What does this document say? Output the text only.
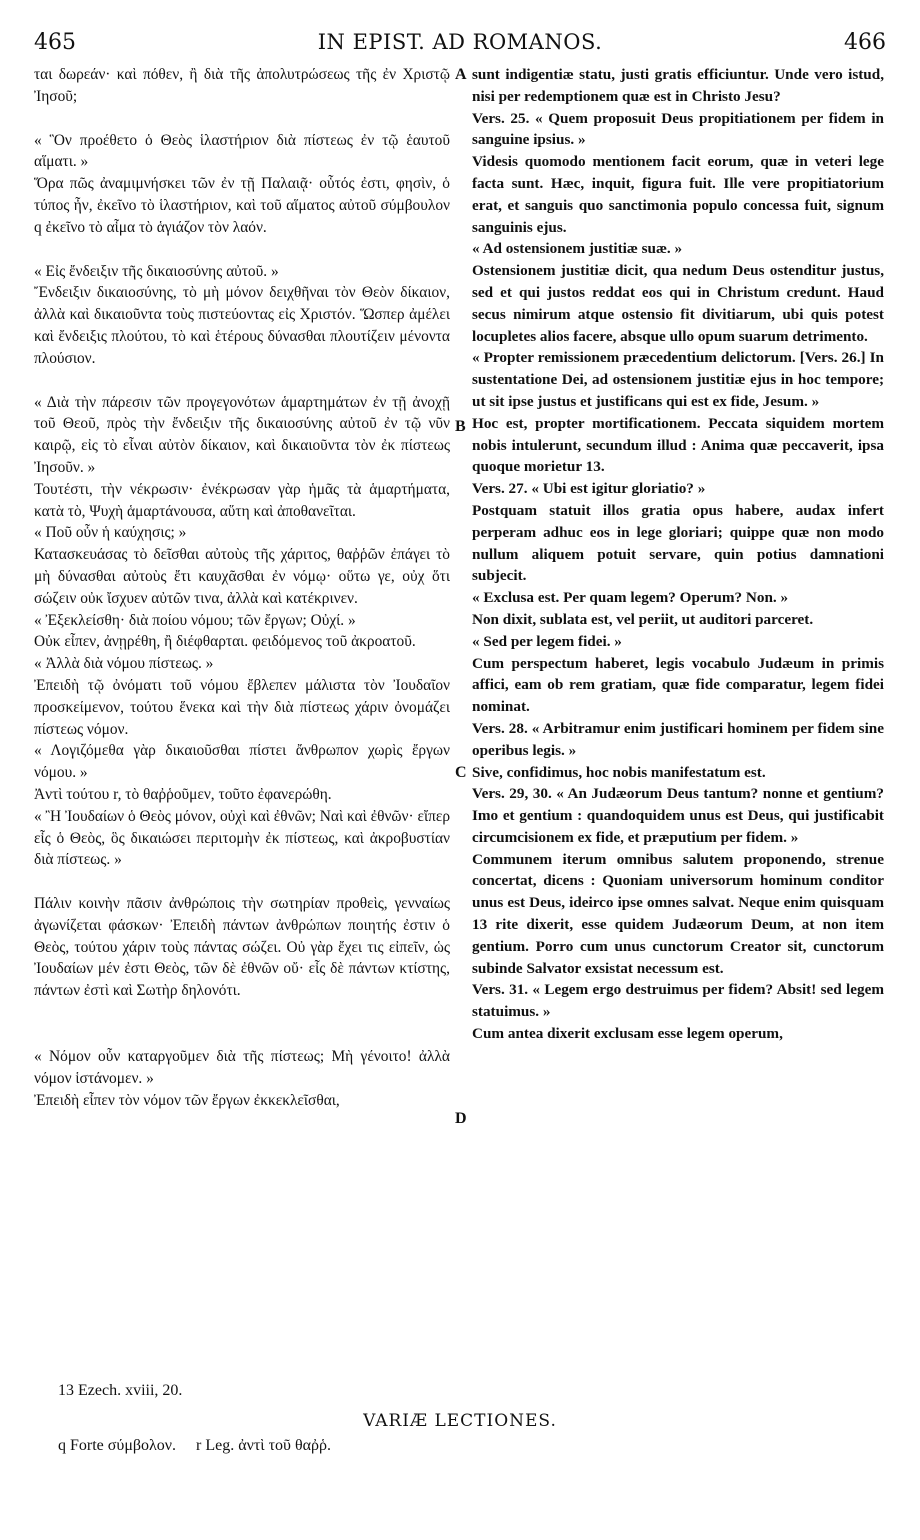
465	IN EPIST. AD ROMANOS.	466

ται δωρεάν· καὶ πόθεν, ἢ διὰ τῆς ἀπολυτρώσεως τῆς ἐν Χριστῷ Ἰησοῦ;

« Ὃν προέθετο ὁ Θεὸς ἱλαστήριον διὰ πίστεως ἐν τῷ ἑαυτοῦ αἵματι. »

Ὅρα πῶς ἀναμιμνήσκει τῶν ἐν τῇ Παλαιᾷ· οὗτός ἐστι, φησὶν, ὁ τύπος ἦν, ἐκεῖνο τὸ ἱλαστήριον, καὶ τοῦ αἵματος αὐτοῦ σύμβουλον q ἐκεῖνο τὸ αἷμα τὸ ἁγιάζον τὸν λαόν.

« Εἰς ἔνδειξιν τῆς δικαιοσύνης αὐτοῦ. »

Ἔνδειξιν δικαιοσύνης, τὸ μὴ μόνον δειχθῆναι τὸν Θεὸν δίκαιον, ἀλλὰ καὶ δικαιοῦντα τοὺς πιστεύοντας εἰς Χριστόν. Ὥσπερ ἀμέλει καὶ ἔνδειξις πλούτου, τὸ καὶ ἑτέρους δύνασθαι πλουτίζειν μένοντα πλούσιον.

« Διὰ τὴν πάρεσιν τῶν προγεγονότων ἁμαρτημάτων ἐν τῇ ἀνοχῇ τοῦ Θεοῦ, πρὸς τὴν ἔνδειξιν τῆς δικαιοσύνης αὐτοῦ ἐν τῷ νῦν καιρῷ, εἰς τὸ εἶναι αὐτὸν δίκαιον, καὶ δικαιοῦντα τὸν ἐκ πίστεως Ἰησοῦν. »

Τουτέστι, τὴν νέκρωσιν· ἐνέκρωσαν γὰρ ἡμᾶς τὰ ἁμαρτήματα, κατὰ τὸ, Ψυχὴ ἁμαρτάνουσα, αὕτη καὶ ἀποθανεῖται.

« Ποῦ οὖν ἡ καύχησις; »

Κατασκευάσας τὸ δεῖσθαι αὐτοὺς τῆς χάριτος, θαῤῥῶν ἐπάγει τὸ μὴ δύνασθαι αὐτοὺς ἔτι καυχᾶσθαι ἐν νόμῳ· οὕτω γε, οὐχ ὅτι σώζειν οὐκ ἴσχυεν αὐτῶν τινα, ἀλλὰ καὶ κατέκρινεν.

« Ἐξεκλείσθη· διὰ ποίου νόμου; τῶν ἔργων; Οὐχί. »

Οὐκ εἶπεν, ἀνῃρέθη, ἢ διέφθαρται. φειδόμενος τοῦ ἀκροατοῦ.

« Ἀλλὰ διὰ νόμου πίστεως. »

Ἐπειδὴ τῷ ὀνόματι τοῦ νόμου ἔβλεπεν μάλιστα τὸν Ἰουδαῖον προσκείμενον, τούτου ἕνεκα καὶ τὴν διὰ πίστεως χάριν ὀνομάζει πίστεως νόμον.

« Λογιζόμεθα γὰρ δικαιοῦσθαι πίστει ἄνθρωπον χωρὶς ἔργων νόμου. »

Ἀντὶ τούτου r, τὸ θαῤῥοῦμεν, τοῦτο ἐφανερώθη.

« Ἢ Ἰουδαίων ὁ Θεὸς μόνον, οὐχὶ καὶ ἐθνῶν; Ναὶ καὶ ἐθνῶν· εἴπερ εἷς ὁ Θεὸς, ὃς δικαιώσει περιτομὴν ἐκ πίστεως, καὶ ἀκροβυστίαν διὰ πίστεως. »

Πάλιν κοινὴν πᾶσιν ἀνθρώποις τὴν σωτηρίαν προθεὶς, γενναίως ἀγωνίζεται φάσκων· Ἐπειδὴ πάντων ἀνθρώπων ποιητής ἐστιν ὁ Θεὸς, τούτου χάριν τοὺς πάντας σώζει. Οὐ γὰρ ἔχει τις εἰπεῖν, ὡς Ἰουδαίων μέν ἐστι Θεὸς, τῶν δὲ ἐθνῶν οὔ· εἷς δὲ πάντων κτίστης, πάντων ἐστὶ καὶ Σωτὴρ δηλονότι.

« Νόμον οὖν καταργοῦμεν διὰ τῆς πίστεως; Μὴ γένοιτο! ἀλλὰ νόμον ἱστάνομεν. »

Ἐπειδὴ εἶπεν τὸν νόμον τῶν ἔργων ἐκκεκλεῖσθαι,

A
B
C
D

sunt indigentiæ statu, justi gratis efficiuntur. Unde vero istud, nisi per redemptionem quæ est in Christo Jesu?

Vers. 25. « Quem proposuit Deus propitiationem per fidem in sanguine ipsius. »

Videsis quomodo mentionem facit eorum, quæ in veteri lege facta sunt. Hæc, inquit, figura fuit. Ille vere propitiatorium erat, et sanguis quo sanctimonia populo concessa fuit, signum sanguinis ejus.

« Ad ostensionem justitiæ suæ. »

Ostensionem justitiæ dicit, qua nedum Deus ostenditur justus, sed et qui justos reddat eos qui in Christum credunt. Haud secus nimirum atque ostensio fit divitiarum, ubi quis potest locupletes alios facere, absque ullo opum suarum detrimento.

« Propter remissionem præcedentium delictorum. [Vers. 26.] In sustentatione Dei, ad ostensionem justitiæ ejus in hoc tempore; ut sit ipse justus et justificans qui est ex fide, Jesum. »

Hoc est, propter mortificationem. Peccata siquidem mortem nobis intulerunt, secundum illud : Anima quæ peccaverit, ipsa quoque morietur 13.

Vers. 27. « Ubi est igitur gloriatio? »

Postquam statuit illos gratia opus habere, audax infert perperam adhuc eos in lege gloriari; quippe quæ non modo nullum aliquem potuit servare, quin potius damnationi subjecit.

« Exclusa est. Per quam legem? Operum? Non. »

Non dixit, sublata est, vel periit, ut auditori parceret.

« Sed per legem fidei. »

Cum perspectum haberet, legis vocabulo Judæum in primis affici, eam ob rem gratiam, quæ fide comparatur, legem fidei nominat.

Vers. 28. « Arbitramur enim justificari hominem per fidem sine operibus legis. »

Sive, confidimus, hoc nobis manifestatum est.

Vers. 29, 30. « An Judæorum Deus tantum? nonne et gentium? Imo et gentium : quandoquidem unus est Deus, qui justificabit circumcisionem ex fide, et præputium per fidem. »

Communem iterum omnibus salutem proponendo, strenue concertat, dicens : Quoniam universorum hominum conditor unus est Deus, ideirco ipse omnes salvat. Neque enim quisquam 13 rite dixerit, esse quidem Judæorum Deum, at non item gentium. Porro cum unus cunctorum Creator sit, cunctorum subinde Salvator exsistat necessum est.

Vers. 31. « Legem ergo destruimus per fidem? Absit! sed legem statuimus. »

Cum antea dixerit exclusam esse legem operum,

13 Ezech. xviii, 20.
VARIÆ LECTIONES.
q Forte σύμβολον. r Leg. ἀντὶ τοῦ θαῤῥ.
